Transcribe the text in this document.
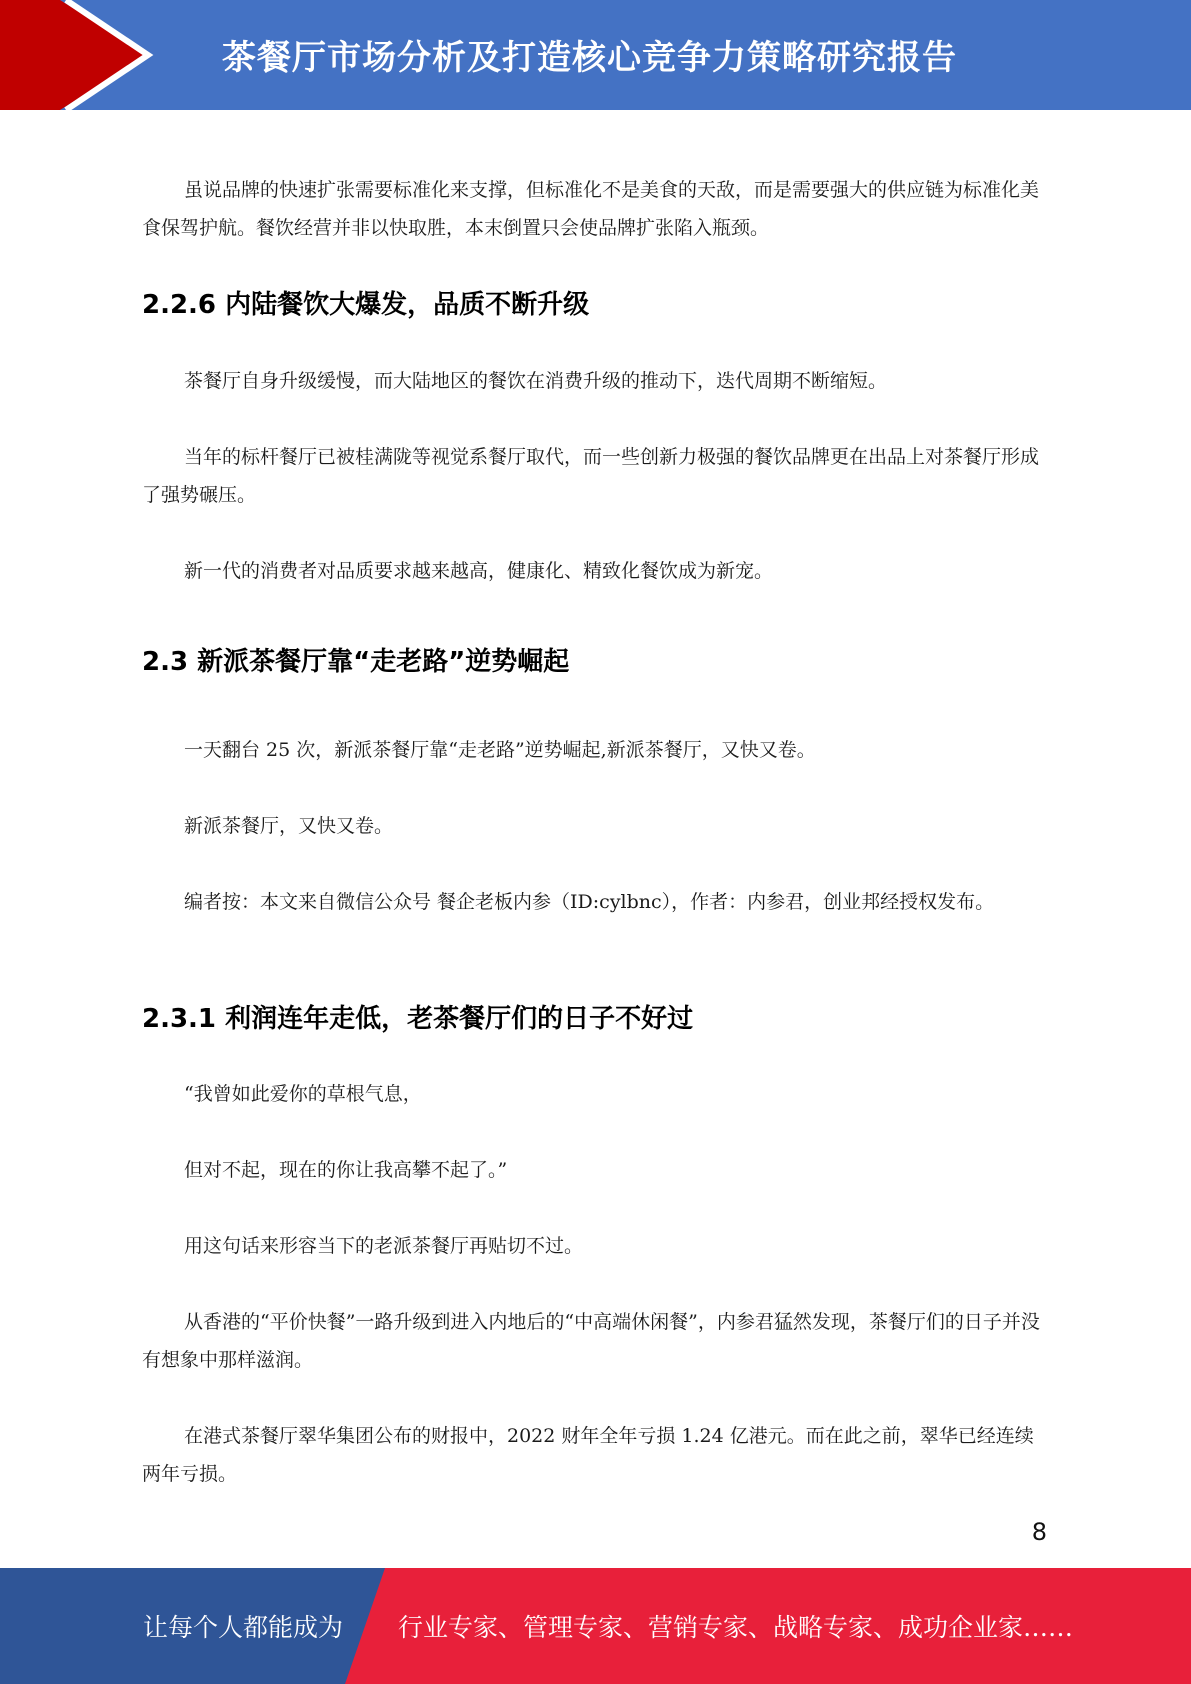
茶餐厅市场分析及打造核心竞争力策略研究报告

虽说品牌的快速扩张需要标准化来支撑，但标准化不是美食的天敌，而是需要强大的供应链为标准化美食保驾护航。餐饮经营并非以快取胜，本末倒置只会使品牌扩张陷入瓶颈。

2.2.6 内陆餐饮大爆发，品质不断升级

茶餐厅自身升级缓慢，而大陆地区的餐饮在消费升级的推动下，迭代周期不断缩短。

当年的标杆餐厅已被桂满陇等视觉系餐厅取代，而一些创新力极强的餐饮品牌更在出品上对茶餐厅形成了强势碾压。

新一代的消费者对品质要求越来越高，健康化、精致化餐饮成为新宠。

2.3 新派茶餐厅靠“走老路”逆势崛起

一天翻台 25 次，新派茶餐厅靠“走老路”逆势崛起,新派茶餐厅，又快又卷。

新派茶餐厅，又快又卷。

编者按：本文来自微信公众号 餐企老板内参（ID:cylbnc），作者：内参君，创业邦经授权发布。

2.3.1 利润连年走低，老茶餐厅们的日子不好过

“我曾如此爱你的草根气息，

但对不起，现在的你让我高攀不起了。”

用这句话来形容当下的老派茶餐厅再贴切不过。

从香港的“平价快餐”一路升级到进入内地后的“中高端休闲餐”，内参君猛然发现，茶餐厅们的日子并没有想象中那样滋润。

在港式茶餐厅翠华集团公布的财报中，2022 财年全年亏损 1.24 亿港元。而在此之前，翠华已经连续两年亏损。

8
让每个人都能成为 行业专家、管理专家、营销专家、战略专家、成功企业家……
